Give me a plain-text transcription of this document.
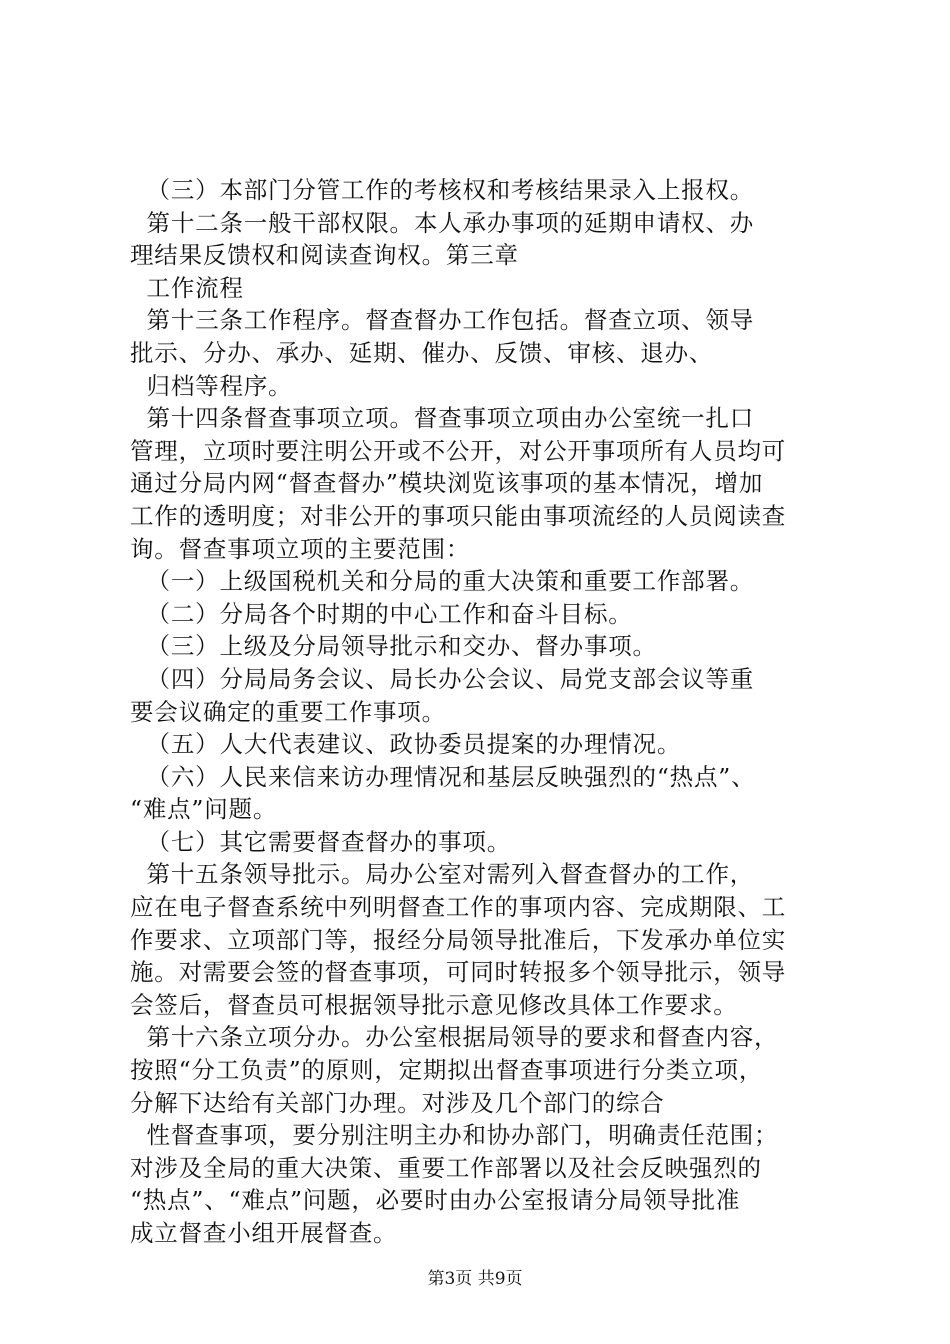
（三）本部门分管工作的考核权和考核结果录入上报权。
第十二条一般干部权限。本人承办事项的延期申请权、办
理结果反馈权和阅读查询权。第三章
工作流程
第十三条工作程序。督查督办工作包括。督查立项、领导
批示、分办、承办、延期、催办、反馈、审核、退办、
归档等程序。
第十四条督查事项立项。督查事项立项由办公室统一扎口
管理，立项时要注明公开或不公开，对公开事项所有人员均可
通过分局内网“督查督办”模块浏览该事项的基本情况，增加
工作的透明度；对非公开的事项只能由事项流经的人员阅读查
询。督查事项立项的主要范围：
（一）上级国税机关和分局的重大决策和重要工作部署。
（二）分局各个时期的中心工作和奋斗目标。
（三）上级及分局领导批示和交办、督办事项。
（四）分局局务会议、局长办公会议、局党支部会议等重
要会议确定的重要工作事项。
（五）人大代表建议、政协委员提案的办理情况。
（六）人民来信来访办理情况和基层反映强烈的“热点”、
“难点”问题。
（七）其它需要督查督办的事项。
第十五条领导批示。局办公室对需列入督查督办的工作，
应在电子督查系统中列明督查工作的事项内容、完成期限、工
作要求、立项部门等，报经分局领导批准后，下发承办单位实
施。对需要会签的督查事项，可同时转报多个领导批示，领导
会签后，督查员可根据领导批示意见修改具体工作要求。
第十六条立项分办。办公室根据局领导的要求和督查内容，
按照“分工负责”的原则，定期拟出督查事项进行分类立项，
分解下达给有关部门办理。对涉及几个部门的综合
性督查事项，要分别注明主办和协办部门，明确责任范围；
对涉及全局的重大决策、重要工作部署以及社会反映强烈的
“热点”、“难点”问题，必要时由办公室报请分局领导批准
成立督查小组开展督查。
第3页 共9页
